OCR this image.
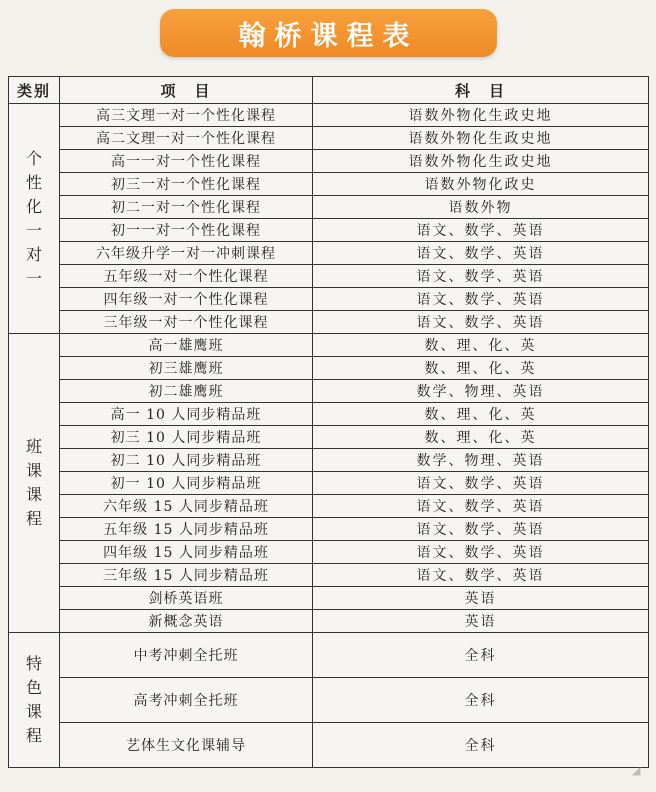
翰桥课程表
类别	项　目	科　目
个性化一对一	高三文理一对一个性化课程	语数外物化生政史地
	高二文理一对一个性化课程	语数外物化生政史地
	高一一对一个性化课程	语数外物化生政史地
	初三一对一个性化课程	语数外物化政史
	初二一对一个性化课程	语数外物
	初一一对一个性化课程	语文、数学、英语
	六年级升学一对一冲刺课程	语文、数学、英语
	五年级一对一个性化课程	语文、数学、英语
	四年级一对一个性化课程	语文、数学、英语
	三年级一对一个性化课程	语文、数学、英语
班课课程	高一雄鹰班	数、理、化、英
	初三雄鹰班	数、理、化、英
	初二雄鹰班	数学、物理、英语
	高一 10 人同步精品班	数、理、化、英
	初三 10 人同步精品班	数、理、化、英
	初二 10 人同步精品班	数学、物理、英语
	初一 10 人同步精品班	语文、数学、英语
	六年级 15 人同步精品班	语文、数学、英语
	五年级 15 人同步精品班	语文、数学、英语
	四年级 15 人同步精品班	语文、数学、英语
	三年级 15 人同步精品班	语文、数学、英语
	剑桥英语班	英语
	新概念英语	英语
特色课程	中考冲刺全托班	全科
	高考冲刺全托班	全科
	艺体生文化课辅导	全科
◢
